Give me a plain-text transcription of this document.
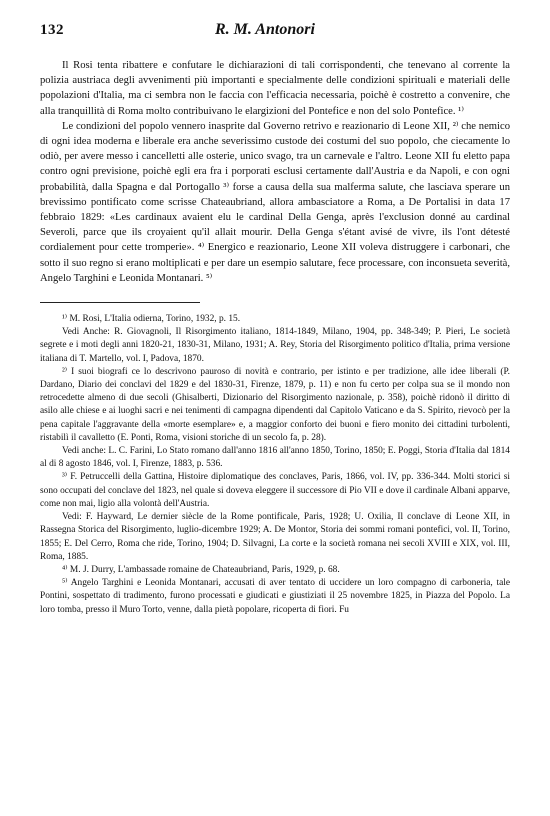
132	R. M. Antonori

Il Rosi tenta ribattere e confutare le dichiarazioni di tali corrispondenti, che tenevano al corrente la polizia austriaca degli avvenimenti più importanti e specialmente delle condizioni spirituali e materiali delle popolazioni d'Italia, ma ci sembra non le faccia con l'efficacia necessaria, poichè è costretto a convenire, che alla tranquillità di Roma molto contribuivano le elargizioni del Pontefice e non del solo Pontefice. ¹⁾

Le condizioni del popolo vennero inasprite dal Governo retrivo e reazionario di Leone XII, ²⁾ che nemico di ogni idea moderna e liberale era anche severissimo custode dei costumi del suo popolo, che ciecamente lo odiò, per avere messo i cancelletti alle osterie, unico svago, tra un carnevale e l'altro. Leone XII fu eletto papa contro ogni previsione, poichè egli era fra i porporati esclusi certamente dall'Austria e da Napoli, e con ogni probabilità, dalla Spagna e dal Portogallo ³⁾ forse a causa della sua malferma salute, che lasciava sperare un brevissimo pontificato come scrisse Chateaubriand, allora ambasciatore a Roma, a De Portalisi in data 17 febbraio 1829: «Les cardinaux avaient elu le cardinal Della Genga, après l'exclusion donné au cardinal Severoli, parce que ils croyaient qu'il allait mourir. Della Genga s'étant avisé de vivre, ils l'ont détesté cordialement pour cette tromperie». ⁴⁾ Energico e reazionario, Leone XII voleva distruggere i carbonari, che sotto il suo regno si erano moltiplicati e per dare un esempio salutare, fece processare, con inconsueta severità, Angelo Targhini e Leonida Montanari. ⁵⁾

¹⁾ M. Rosi, L'Italia odierna, Torino, 1932, p. 15.

Vedi Anche: R. Giovagnoli, Il Risorgimento italiano, 1814-1849, Milano, 1904, pp. 348-349; P. Pieri, Le società segrete e i moti degli anni 1820-21, 1830-31, Milano, 1931; A. Rey, Storia del Risorgimento politico d'Italia, prima versione italiana di T. Martello, vol. I, Padova, 1870.

²⁾ I suoi biografi ce lo descrivono pauroso di novità e contrario, per istinto e per tradizione, alle idee liberali (P. Dardano, Diario dei conclavi del 1829 e del 1830-31, Firenze, 1879, p. 11) e non fu certo per colpa sua se il mondo non retrocedette almeno di due secoli (Ghisalberti, Dizionario del Risorgimento nazionale, p. 358), poichè ridonò il diritto di asilo alle chiese e ai luoghi sacri e nei tenimenti di campagna dipendenti dal Capitolo Vaticano e da S. Spirito, rievocò per la pena capitale l'aggravante della «morte esemplare» e, a maggior conforto dei buoni e fiero monito dei cittadini turbolenti, ristabilì il cavalletto (E. Ponti, Roma, visioni storiche di un secolo fa, p. 28).

Vedi anche: L. C. Farini, Lo Stato romano dall'anno 1816 all'anno 1850, Torino, 1850; E. Poggi, Storia d'Italia dal 1814 al di 8 agosto 1846, vol. I, Firenze, 1883, p. 536.

³⁾ F. Petruccelli della Gattina, Histoire diplomatique des conclaves, Paris, 1866, vol. IV, pp. 336-344. Molti storici si sono occupati del conclave del 1823, nel quale si doveva eleggere il successore di Pio VII e dove il cardinale Albani apparve, come non mai, ligio alla volontà dell'Austria.

Vedi: F. Hayward, Le dernier siècle de la Rome pontificale, Paris, 1928; U. Oxilia, Il conclave di Leone XII, in Rassegna Storica del Risorgimento, luglio-dicembre 1929; A. De Montor, Storia dei sommi romani pontefici, vol. II, Torino, 1855; E. Del Cerro, Roma che ride, Torino, 1904; D. Silvagni, La corte e la società romana nei secoli XVIII e XIX, vol. III, Roma, 1885.

⁴⁾ M. J. Durry, L'ambassade romaine de Chateaubriand, Paris, 1929, p. 68.

⁵⁾ Angelo Targhini e Leonida Montanari, accusati di aver tentato di uccidere un loro compagno di carboneria, tale Pontini, sospettato di tradimento, furono processati e giudicati e giustiziati il 25 novembre 1825, in Piazza del Popolo. La loro tomba, presso il Muro Torto, venne, dalla pietà popolare, ricoperta di fiori. Fu
